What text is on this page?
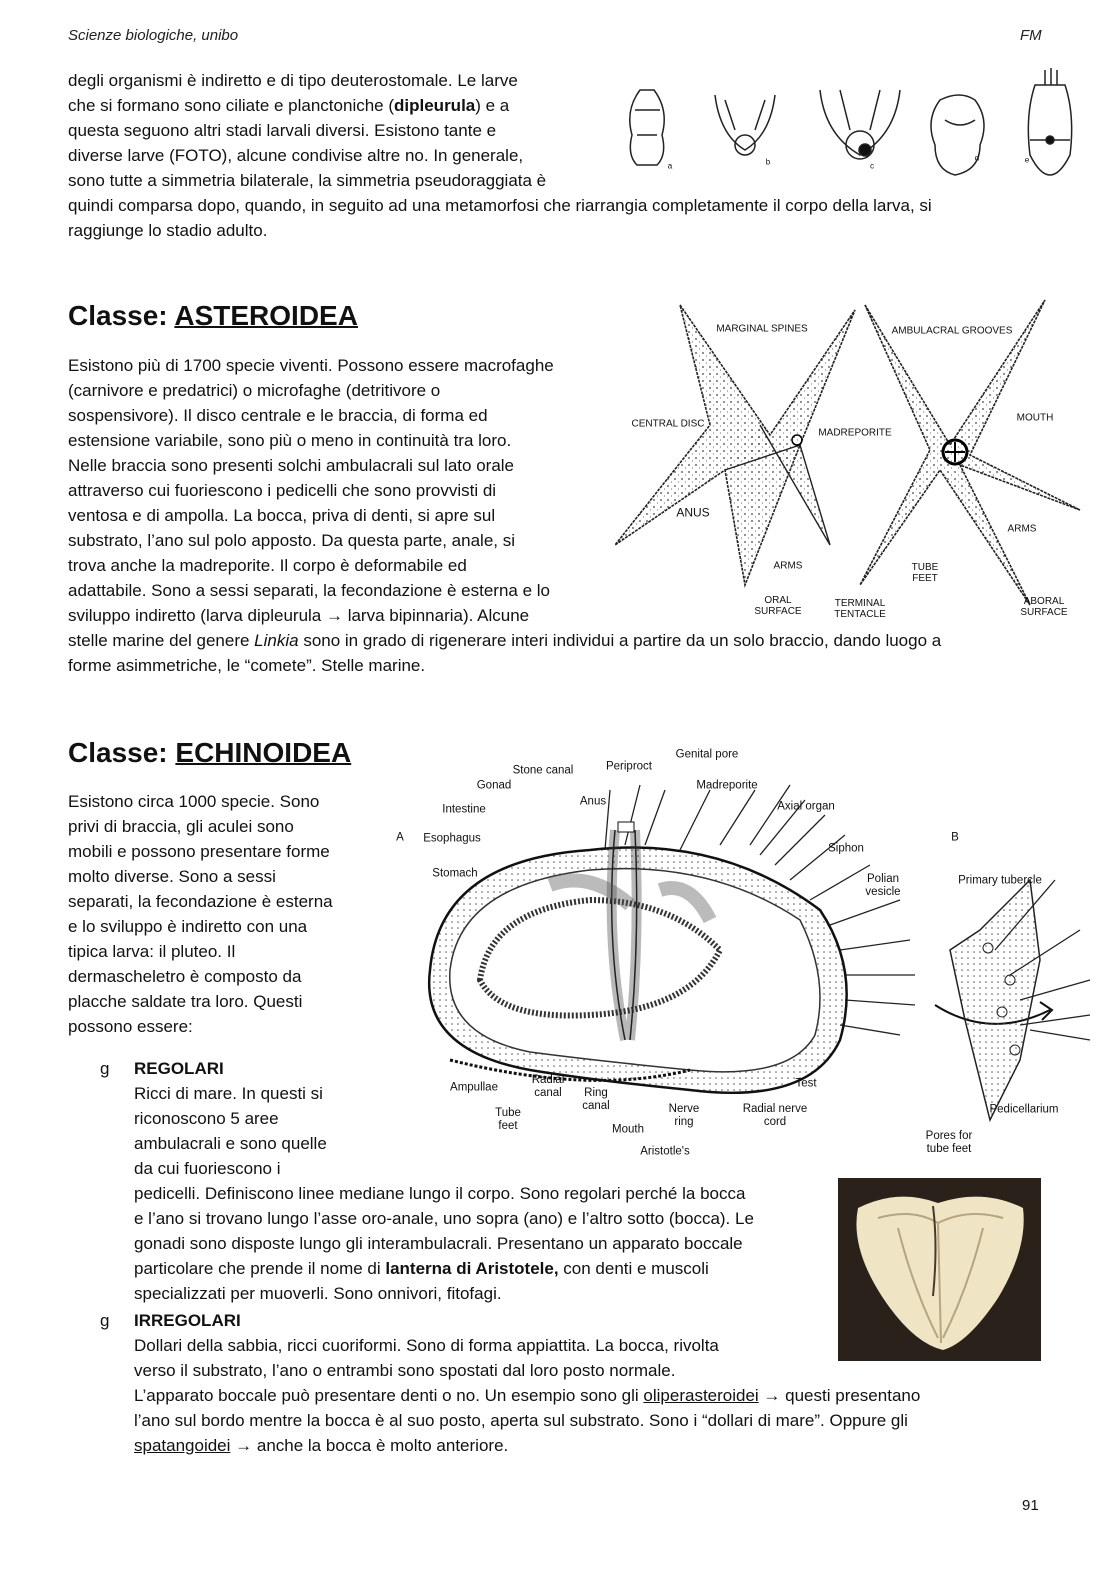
Scienze biologiche, unibo	FM
degli organismi è indiretto e di tipo deuterostomale. Le larve
che si formano sono ciliate e planctoniche (dipleurula) e a
questa seguono altri stadi larvali diversi. Esistono tante e
diverse larve (FOTO), alcune condivise altre no. In generale,
sono tutte a simmetria bilaterale, la simmetria pseudoraggiata è
quindi comparsa dopo, quando, in seguito ad una metamorfosi che riarrangia completamente il corpo della larva, si
raggiunge lo stadio adulto.
a	b	c
d	e
Classe: ASTEROIDEA
Esistono più di 1700 specie viventi. Possono essere macrofaghe
(carnivore e predatrici) o microfaghe (detritivore o
sospensivore). Il disco centrale e le braccia, di forma ed
estensione variabile, sono più o meno in continuità tra loro.
Nelle braccia sono presenti solchi ambulacrali sul lato orale
attraverso cui fuoriescono i pedicelli che sono provvisti di
ventosa e di ampolla. La bocca, priva di denti, si apre sul
substrato, l’ano sul polo apposto. Da questa parte, anale, si
trova anche la madreporite. Il corpo è deformabile ed
adattabile. Sono a sessi separati, la fecondazione è esterna e lo
sviluppo indiretto (larva dipleurula → larva bipinnaria). Alcune
stelle marine del genere Linkia sono in grado di rigenerare interi individui a partire da un solo braccio, dando luogo a
forme asimmetriche, le “comete”. Stelle marine.
MARGINAL SPINES	AMBULACRAL GROOVES
CENTRAL DISC
MADREPORITE
MOUTH
ANUS
ARMS
ARMS
TUBE FEET
ORAL SURFACE
TERMINAL TENTACLE
ABORAL SURFACE
Classe: ECHINOIDEA
Esistono circa 1000 specie. Sono
privi di braccia, gli aculei sono
mobili e possono presentare forme
molto diverse. Sono a sessi
separati, la fecondazione è esterna
e lo sviluppo è indiretto con una
tipica larva: il pluteo. Il
dermascheletro è composto da
placche saldate tra loro. Questi
possono essere:
g REGOLARI
Ricci di mare. In questi si
riconoscono 5 aree
ambulacrali e sono quelle
da cui fuoriescono i
pedicelli. Definiscono linee mediane lungo il corpo. Sono regolari perché la bocca
e l’ano si trovano lungo l’asse oro-anale, uno sopra (ano) e l’altro sotto (bocca). Le
gonadi sono disposte lungo gli interambulacrali. Presentano un apparato boccale
particolare che prende il nome di lanterna di Aristotele, con denti e muscoli
specializzati per muoverli. Sono onnivori, fitofagi.
g IRREGOLARI
Dollari della sabbia, ricci cuoriformi. Sono di forma appiattita. La bocca, rivolta
verso il substrato, l’ano o entrambi sono spostati dal loro posto normale.
L’apparato boccale può presentare denti o no. Un esempio sono gli oliperasteroidei → questi presentano
l’ano sul bordo mentre la bocca è al suo posto, aperta sul substrato. Sono i “dollari di mare”. Oppure gli
spatangoidei → anche la bocca è molto anteriore.
Genital pore
Periproct
Stone canal
Madreporite
Gonad
Anus	Axial organ
Intestine
A Esophagus
Siphon
B
Stomach	Polian vesicle
Primary tubercle
Test
Ampullae
Radial canal	Ring canal
Tube feet
Nerve ring
Radial nerve cord
Mouth
Aristotle's
Pedicellarium
Pores for tube feet
91
